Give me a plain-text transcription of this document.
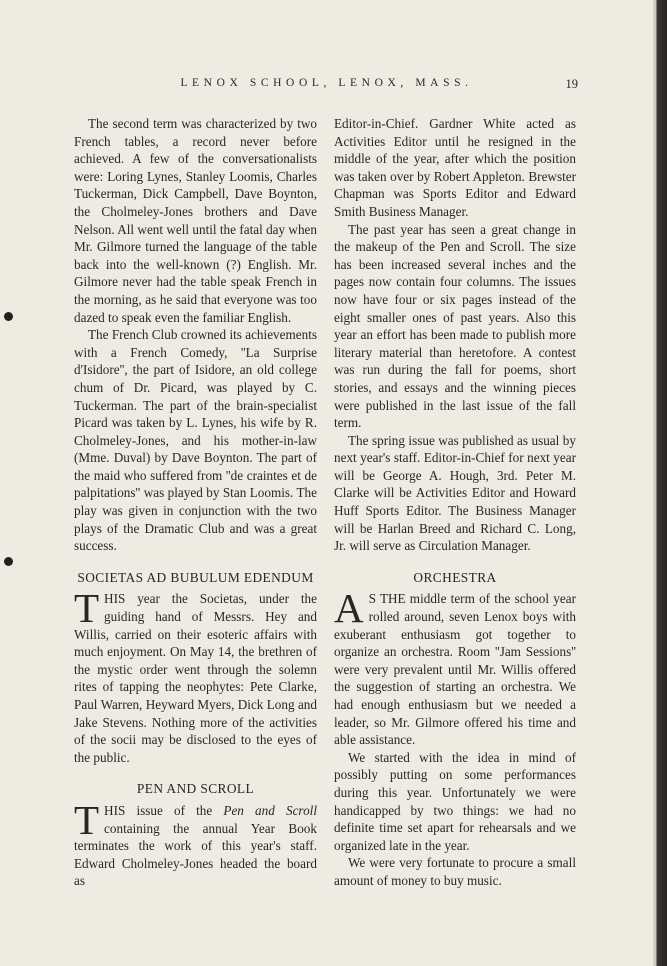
LENOX SCHOOL, LENOX, MASS.	19

The second term was characterized by two French tables, a record never before achieved. A few of the conversationalists were: Loring Lynes, Stanley Loomis, Charles Tuckerman, Dick Campbell, Dave Boynton, the Cholmeley-Jones brothers and Dave Nelson. All went well until the fatal day when Mr. Gilmore turned the language of the table back into the well-known (?) English. Mr. Gilmore never had the table speak French in the morning, as he said that everyone was too dazed to speak even the familiar English.

The French Club crowned its achievements with a French Comedy, ''La Surprise d'Isidore'', the part of Isidore, an old college chum of Dr. Picard, was played by C. Tuckerman. The part of the brain-specialist Picard was taken by L. Lynes, his wife by R. Cholmeley-Jones, and his mother-in-law (Mme. Duval) by Dave Boynton. The part of the maid who suffered from ''de craintes et de palpitations'' was played by Stan Loomis. The play was given in conjunction with the two plays of the Dramatic Club and was a great success.

SOCIETAS AD BUBULUM EDENDUM

THIS year the Societas, under the guiding hand of Messrs. Hey and Willis, carried on their esoteric affairs with much enjoyment. On May 14, the brethren of the mystic order went through the solemn rites of tapping the neophytes: Pete Clarke, Paul Warren, Heyward Myers, Dick Long and Jake Stevens. Nothing more of the activities of the socii may be disclosed to the eyes of the public.

PEN AND SCROLL

THIS issue of the Pen and Scroll containing the annual Year Book terminates the work of this year's staff. Edward Cholmeley-Jones headed the board as

Editor-in-Chief. Gardner White acted as Activities Editor until he resigned in the middle of the year, after which the position was taken over by Robert Appleton. Brewster Chapman was Sports Editor and Edward Smith Business Manager.

The past year has seen a great change in the makeup of the Pen and Scroll. The size has been increased several inches and the pages now contain four columns. The issues now have four or six pages instead of the eight smaller ones of past years. Also this year an effort has been made to publish more literary material than heretofore. A contest was run during the fall for poems, short stories, and essays and the winning pieces were published in the last issue of the fall term.

The spring issue was published as usual by next year's staff. Editor-in-Chief for next year will be George A. Hough, 3rd. Peter M. Clarke will be Activities Editor and Howard Huff Sports Editor. The Business Manager will be Harlan Breed and Richard C. Long, Jr. will serve as Circulation Manager.

ORCHESTRA

A S THE middle term of the school year rolled around, seven Lenox boys with exuberant enthusiasm got together to organize an orchestra. Room ''Jam Sessions'' were very prevalent until Mr. Willis offered the suggestion of starting an orchestra. We had enough enthusiasm but we needed a leader, so Mr. Gilmore offered his time and able assistance.

We started with the idea in mind of possibly putting on some performances during this year. Unfortunately we were handicapped by two things: we had no definite time set apart for rehearsals and we organized late in the year.

We were very fortunate to procure a small amount of money to buy music.
